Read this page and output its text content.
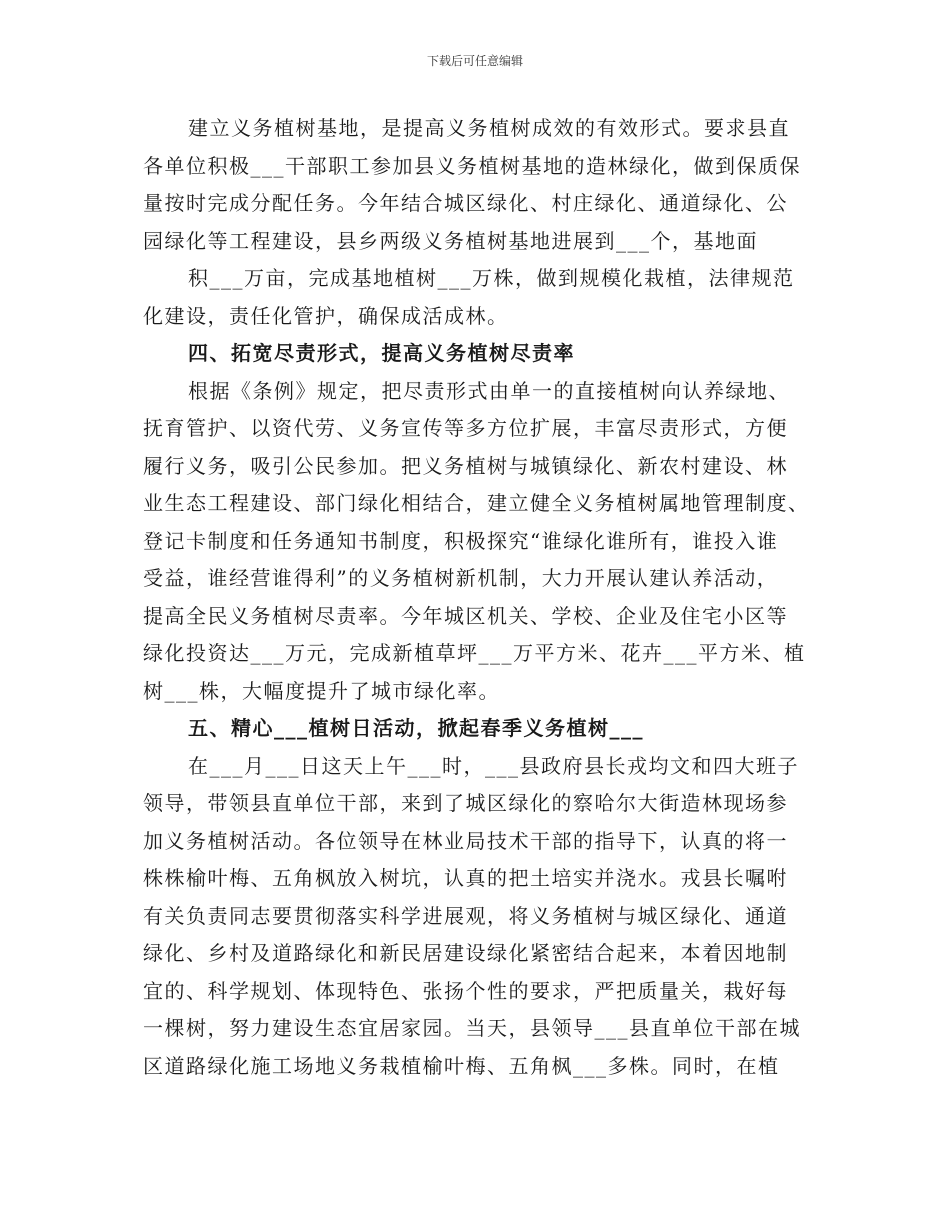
下载后可任意编辑
建立义务植树基地，是提高义务植树成效的有效形式。要求县直
各单位积极___干部职工参加县义务植树基地的造林绿化，做到保质保
量按时完成分配任务。今年结合城区绿化、村庄绿化、通道绿化、公
园绿化等工程建设，县乡两级义务植树基地进展到___个，基地面
积___万亩，完成基地植树___万株，做到规模化栽植，法律规范
化建设，责任化管护，确保成活成林。
四、拓宽尽责形式，提高义务植树尽责率
根据《条例》规定，把尽责形式由单一的直接植树向认养绿地、
抚育管护、以资代劳、义务宣传等多方位扩展，丰富尽责形式，方便
履行义务，吸引公民参加。把义务植树与城镇绿化、新农村建设、林
业生态工程建设、部门绿化相结合，建立健全义务植树属地管理制度、
登记卡制度和任务通知书制度，积极探究“谁绿化谁所有，谁投入谁
受益，谁经营谁得利”的义务植树新机制，大力开展认建认养活动，
提高全民义务植树尽责率。今年城区机关、学校、企业及住宅小区等
绿化投资达___万元，完成新植草坪___万平方米、花卉___平方米、植
树___株，大幅度提升了城市绿化率。
五、精心___植树日活动，掀起春季义务植树___
在___月___日这天上午___时，___县政府县长戎均文和四大班子
领导，带领县直单位干部，来到了城区绿化的察哈尔大街造林现场参
加义务植树活动。各位领导在林业局技术干部的指导下，认真的将一
株株榆叶梅、五角枫放入树坑，认真的把土培实并浇水。戎县长嘱咐
有关负责同志要贯彻落实科学进展观，将义务植树与城区绿化、通道
绿化、乡村及道路绿化和新民居建设绿化紧密结合起来，本着因地制
宜的、科学规划、体现特色、张扬个性的要求，严把质量关，栽好每
一棵树，努力建设生态宜居家园。当天，县领导___县直单位干部在城
区道路绿化施工场地义务栽植榆叶梅、五角枫___多株。同时，在植
